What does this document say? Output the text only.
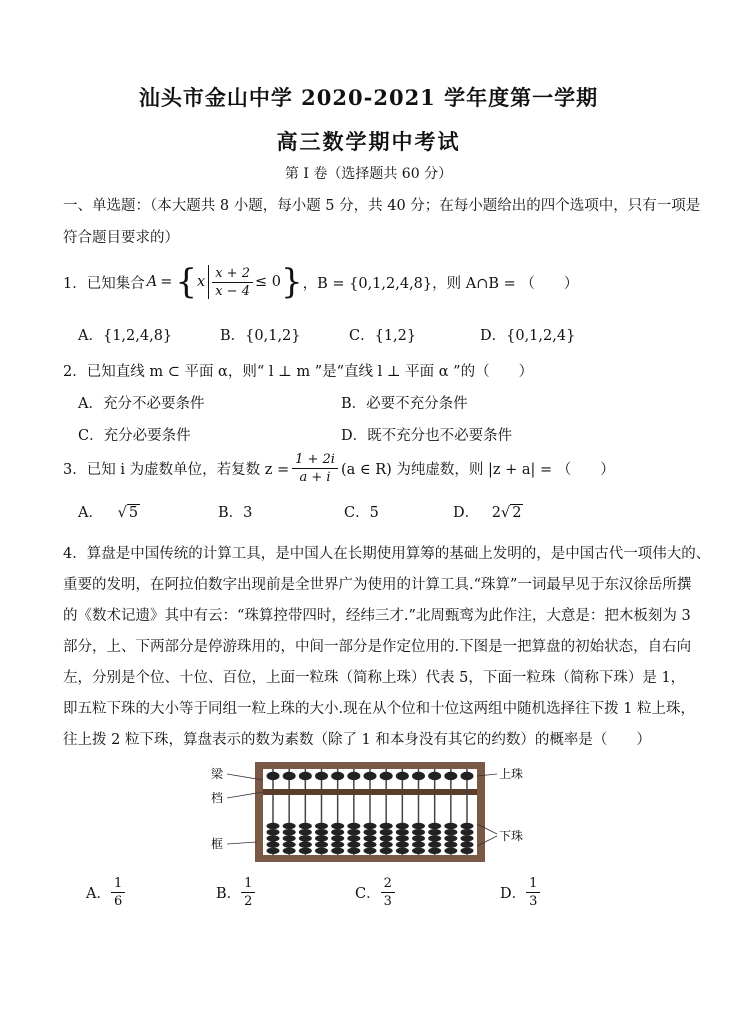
汕头市金山中学 2020-2021 学年度第一学期
高三数学期中考试
第 I 卷（选择题共 60 分）
一、单选题：（本大题共 8 小题，每小题 5 分，共 40 分；在每小题给出的四个选项中，只有一项是
符合题目要求的）
1．已知集合 A = { x $\frac{x + 2}{x - 4} \le 0$ } ，B = {0,1,2,4,8}，则 A∩B = （　　）
A．{1,2,4,8}	B．{0,1,2}	C．{1,2}	D．{0,1,2,4}
2．已知直线 m ⊂ 平面 α，则“ l ⊥ m ”是“直线 l ⊥ 平面 α ”的（　　）
A．充分不必要条件	B．必要不充分条件
C．充分必要条件	D．既不充分也不必要条件
3．已知 i 为虚数单位，若复数 $z = \frac{1 + 2i}{a + i} (a$ ∈ R) 为纯虚数，则 |z + a| = （　　）
A． √ 5	B．3	C．5	D． 2√ 2
4．算盘是中国传统的计算工具，是中国人在长期使用算筹的基础上发明的，是中国古代一项伟大的、
重要的发明，在阿拉伯数字出现前是全世界广为使用的计算工具.“珠算”一词最早见于东汉徐岳所撰
的《数术记遗》其中有云：“珠算控带四时，经纬三才.”北周甄鸾为此作注，大意是：把木板刻为 3
部分，上、下两部分是停游珠用的，中间一部分是作定位用的.下图是一把算盘的初始状态，自右向
左，分别是个位、十位、百位，上面一粒珠（简称上珠）代表 5，下面一粒珠（简称下珠）是 1，
即五粒下珠的大小等于同组一粒上珠的大小.现在从个位和十位这两组中随机选择往下拨 1 粒上珠，
往上拨 2 粒下珠，算盘表示的数为素数（除了 1 和本身没有其它的约数）的概率是（　　）
梁
档
框
上珠
下珠
A． $\frac{1}{6}$	B． $\frac{1}{2}$	C． $\frac{2}{3}$	D． $\frac{1}{3}$
